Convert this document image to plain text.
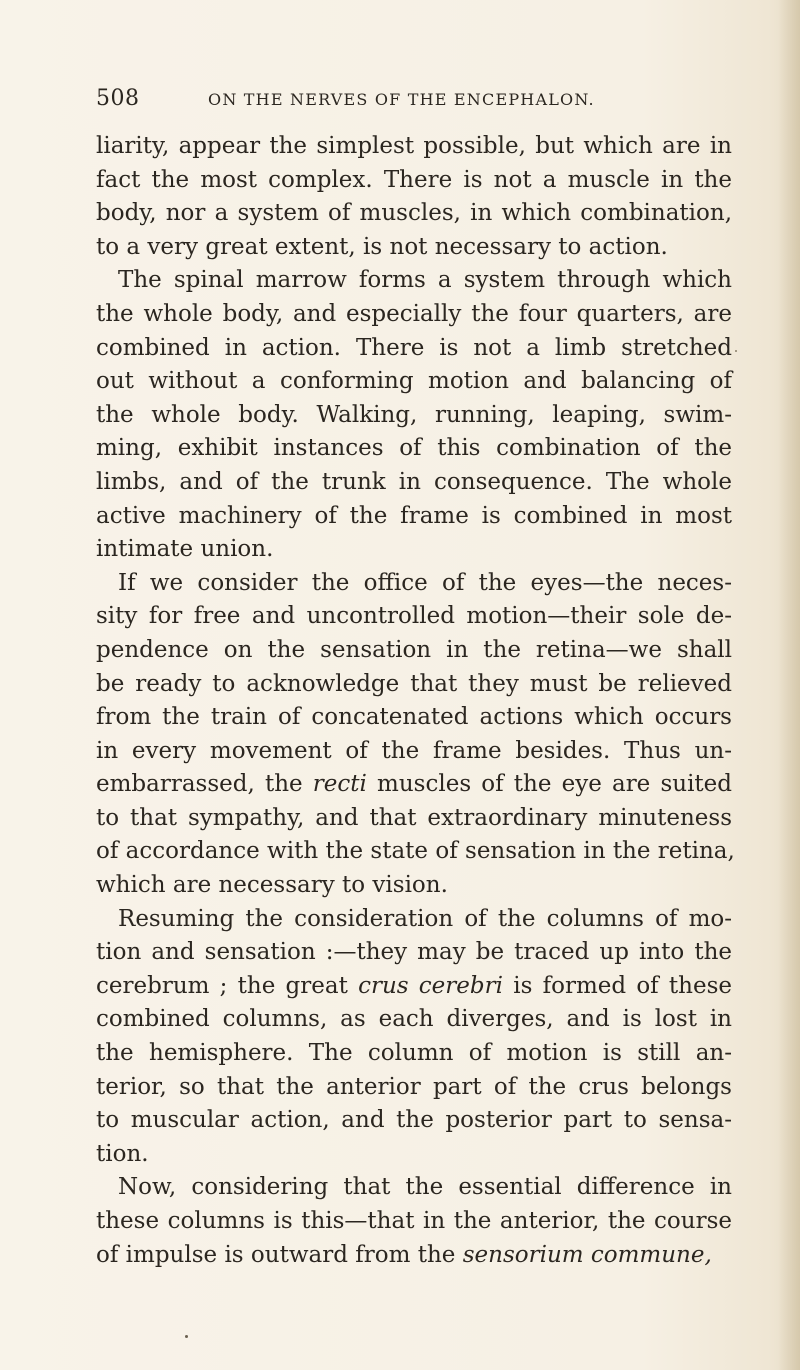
508	ON THE NERVES OF THE ENCEPHALON.
liarity, appear the simplest possible, but which are in
fact the most complex. There is not a muscle in the
body, nor a system of muscles, in which combination,
to a very great extent, is not necessary to action.
The spinal marrow forms a system through which
the whole body, and especially the four quarters, are
combined in action. There is not a limb stretched
out without a conforming motion and balancing of
the whole body. Walking, running, leaping, swim-
ming, exhibit instances of this combination of the
limbs, and of the trunk in consequence. The whole
active machinery of the frame is combined in most
intimate union.
If we consider the office of the eyes—the neces-
sity for free and uncontrolled motion—their sole de-
pendence on the sensation in the retina—we shall
be ready to acknowledge that they must be relieved
from the train of concatenated actions which occurs
in every movement of the frame besides. Thus un-
embarrassed, the recti muscles of the eye are suited
to that sympathy, and that extraordinary minuteness
of accordance with the state of sensation in the retina,
which are necessary to vision.
Resuming the consideration of the columns of mo-
tion and sensation :—they may be traced up into the
cerebrum ; the great crus cerebri is formed of these
combined columns, as each diverges, and is lost in
the hemisphere. The column of motion is still an-
terior, so that the anterior part of the crus belongs
to muscular action, and the posterior part to sensa-
tion.
Now, considering that the essential difference in
these columns is this—that in the anterior, the course
of impulse is outward from the sensorium commune,
